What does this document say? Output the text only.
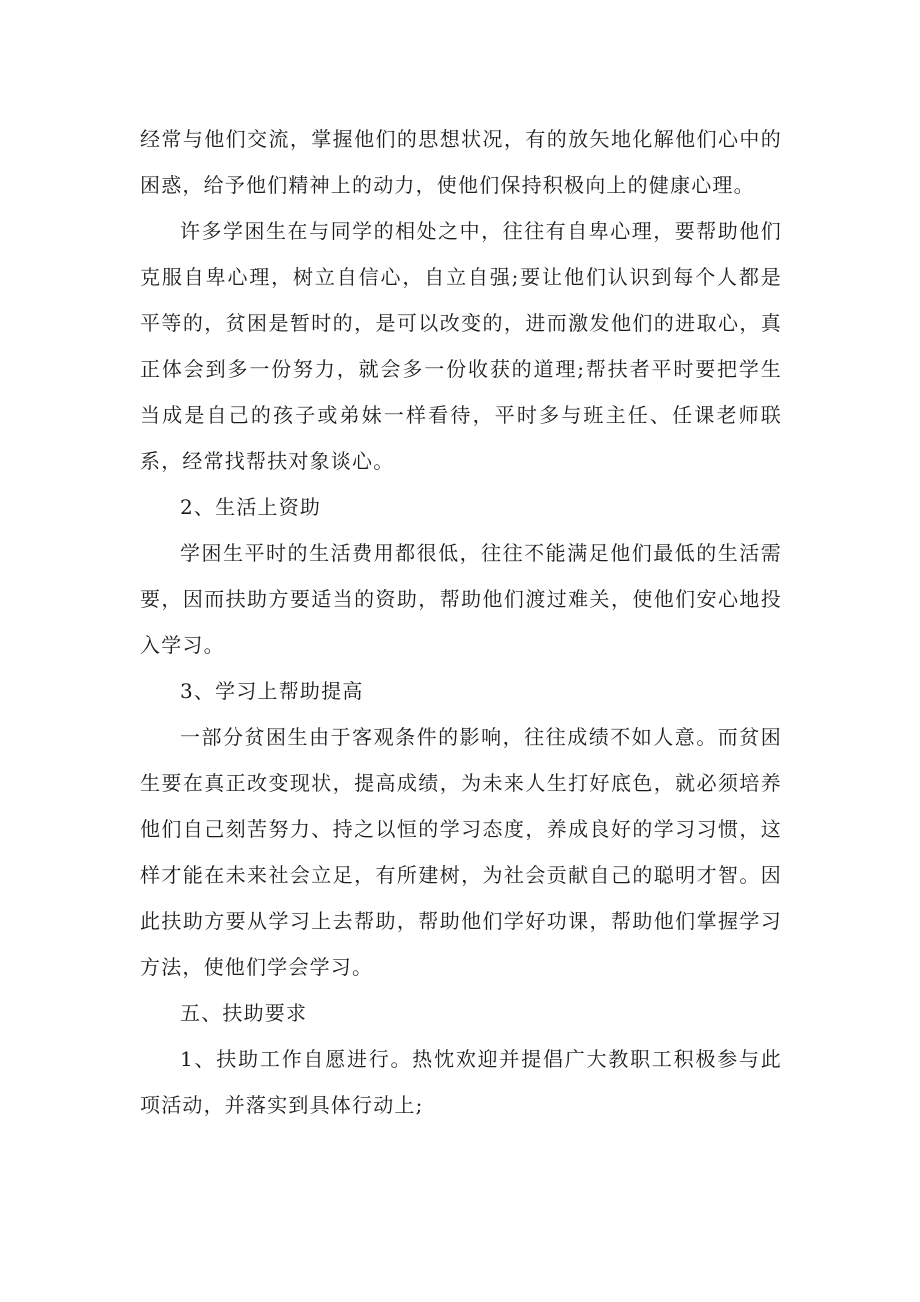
经常与他们交流，掌握他们的思想状况，有的放矢地化解他们心中的困惑，给予他们精神上的动力，使他们保持积极向上的健康心理。

许多学困生在与同学的相处之中，往往有自卑心理，要帮助他们克服自卑心理，树立自信心，自立自强;要让他们认识到每个人都是平等的，贫困是暂时的，是可以改变的，进而激发他们的进取心，真正体会到多一份努力，就会多一份收获的道理;帮扶者平时要把学生当成是自己的孩子或弟妹一样看待，平时多与班主任、任课老师联系，经常找帮扶对象谈心。

2、生活上资助

学困生平时的生活费用都很低，往往不能满足他们最低的生活需要，因而扶助方要适当的资助，帮助他们渡过难关，使他们安心地投入学习。

3、学习上帮助提高

一部分贫困生由于客观条件的影响，往往成绩不如人意。而贫困生要在真正改变现状，提高成绩，为未来人生打好底色，就必须培养他们自己刻苦努力、持之以恒的学习态度，养成良好的学习习惯，这样才能在未来社会立足，有所建树，为社会贡献自己的聪明才智。因此扶助方要从学习上去帮助，帮助他们学好功课，帮助他们掌握学习方法，使他们学会学习。

五、扶助要求

1、扶助工作自愿进行。热忱欢迎并提倡广大教职工积极参与此项活动，并落实到具体行动上;
